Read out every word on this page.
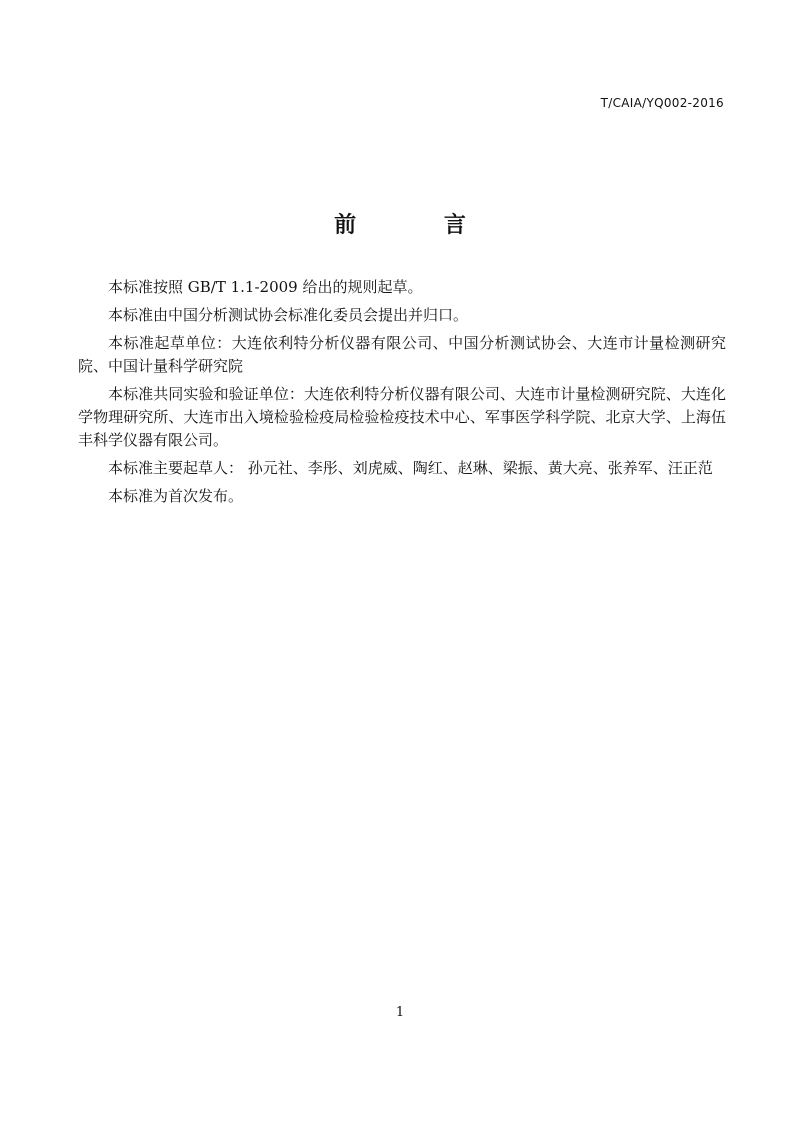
T/CAIA/YQ002-2016
前 言

本标准按照 GB/T 1.1-2009 给出的规则起草。

本标准由中国分析测试协会标准化委员会提出并归口。

本标准起草单位：大连依利特分析仪器有限公司、中国分析测试协会、大连市计量检测研究院、中国计量科学研究院

本标准共同实验和验证单位：大连依利特分析仪器有限公司、大连市计量检测研究院、大连化学物理研究所、大连市出入境检验检疫局检验检疫技术中心、军事医学科学院、北京大学、上海伍丰科学仪器有限公司。

本标准主要起草人： 孙元社、李彤、刘虎威、陶红、赵琳、梁振、黄大亮、张养军、汪正范

本标准为首次发布。

1
